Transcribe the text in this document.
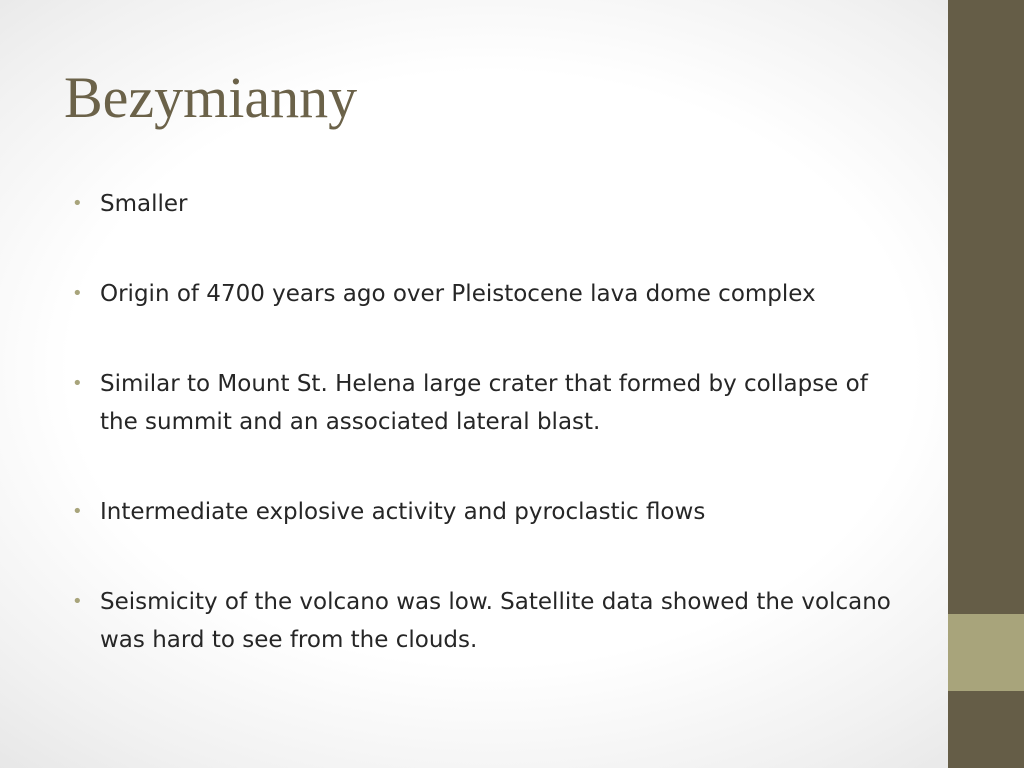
Bezymianny
• Smaller
• Origin of 4700 years ago over Pleistocene lava dome complex
• Similar to Mount St. Helena large crater that formed by collapse of the summit and an associated lateral blast.
• Intermediate explosive activity and pyroclastic flows
• Seismicity of the volcano was low. Satellite data showed the volcano was hard to see from the clouds.
